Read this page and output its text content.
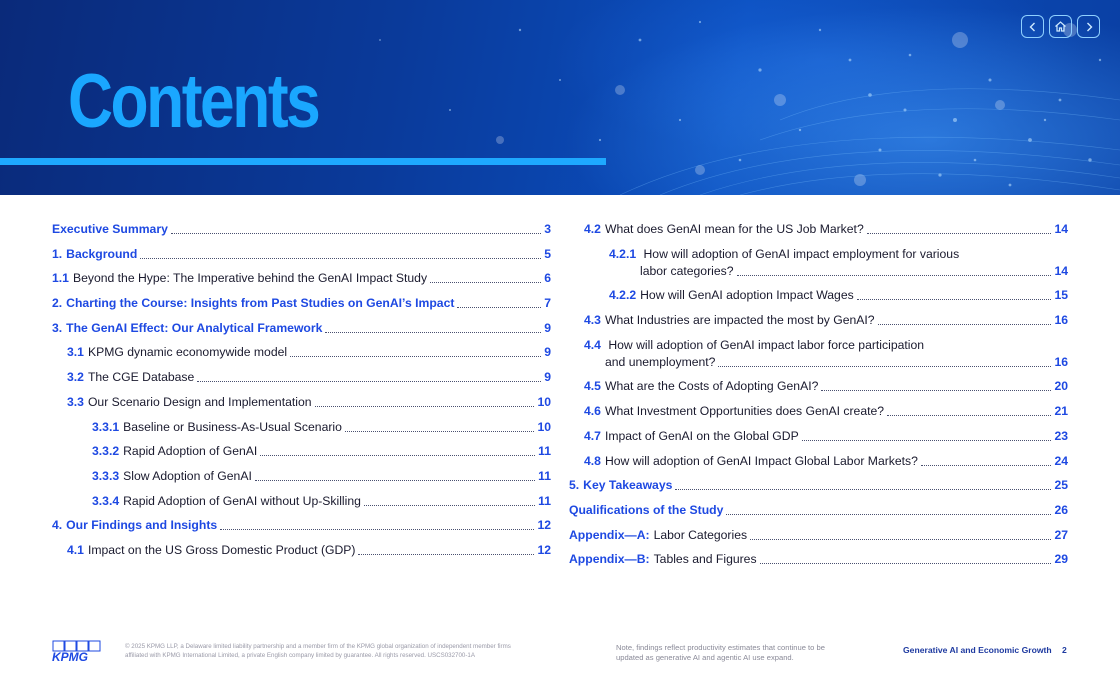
Contents
Executive Summary	3
1. Background	5
1.1 Beyond the Hype: The Imperative behind the GenAI Impact Study	6
2. Charting the Course: Insights from Past Studies on GenAI’s Impact	7
3. The GenAI Effect: Our Analytical Framework	9
3.1 KPMG dynamic economywide model	9
3.2 The CGE Database	9
3.3 Our Scenario Design and Implementation	10
3.3.1 Baseline or Business-As-Usual Scenario	10
3.3.2 Rapid Adoption of GenAI	11
3.3.3 Slow Adoption of GenAI	11
3.3.4 Rapid Adoption of GenAI without Up-Skilling	11
4. Our Findings and Insights	12
4.1 Impact on the US Gross Domestic Product (GDP)	12
4.2 What does GenAI mean for the US Job Market?	14
4.2.1 How will adoption of GenAI impact employment for various
labor categories?	14
4.2.2 How will GenAI adoption Impact Wages	15
4.3 What Industries are impacted the most by GenAI?	16
4.4 How will adoption of GenAI impact labor force participation
and unemployment?	16
4.5 What are the Costs of Adopting GenAI?	20
4.6 What Investment Opportunities does GenAI create?	21
4.7 Impact of GenAI on the Global GDP	23
4.8 How will adoption of GenAI Impact Global Labor Markets?	24
5. Key Takeaways	25
Qualifications of the Study	26
Appendix—A: Labor Categories	27
Appendix—B: Tables and Figures	29
KPMG
© 2025 KPMG LLP, a Delaware limited liability partnership and a member firm of the KPMG global organization of independent member firms
affiliated with KPMG International Limited, a private English company limited by guarantee. All rights reserved. USCS032700-1A
Note, findings reflect productivity estimates that continue to be
updated as generative AI and agentic AI use expand.
Generative AI and Economic Growth 2
